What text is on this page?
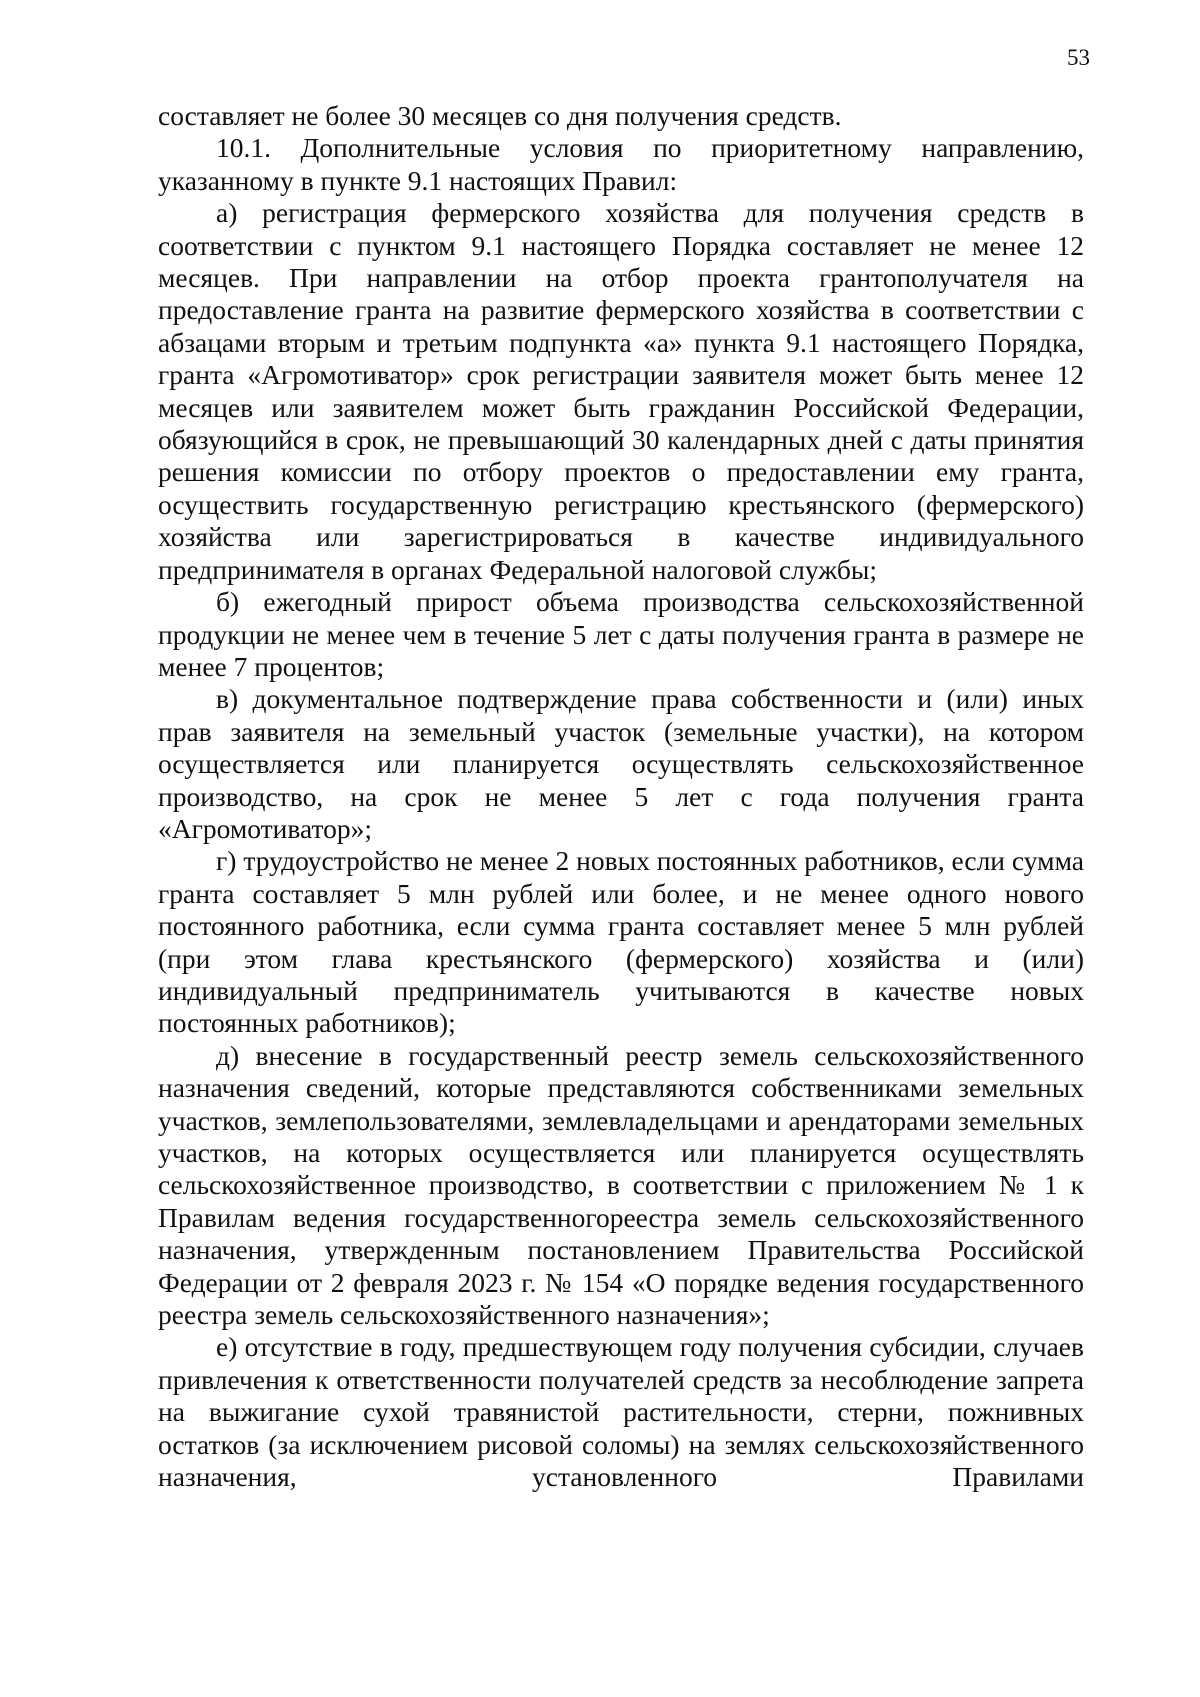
53

составляет не более 30 месяцев со дня получения средств.

10.1. Дополнительные условия по приоритетному направлению, указанному в пункте 9.1 настоящих Правил:

а) регистрация фермерского хозяйства для получения средств в соответствии с пунктом 9.1 настоящего Порядка составляет не менее 12 месяцев. При направлении на отбор проекта грантополучателя на предоставление гранта на развитие фермерского хозяйства в соответствии с абзацами вторым и третьим подпункта «а» пункта 9.1 настоящего Порядка, гранта «Агромотиватор» срок регистрации заявителя может быть менее 12 месяцев или заявителем может быть гражданин Российской Федерации, обязующийся в срок, не превышающий 30 календарных дней с даты принятия решения комиссии по отбору проектов о предоставлении ему гранта, осуществить государственную регистрацию крестьянского (фермерского) хозяйства или зарегистрироваться в качестве индивидуального предпринимателя в органах Федеральной налоговой службы;

б) ежегодный прирост объема производства сельскохозяйственной продукции не менее чем в течение 5 лет с даты получения гранта в размере не менее 7 процентов;

в) документальное подтверждение права собственности и (или) иных прав заявителя на земельный участок (земельные участки), на котором осуществляется или планируется осуществлять сельскохозяйственное производство, на срок не менее 5 лет с года получения гранта «Агромотиватор»;

г) трудоустройство не менее 2 новых постоянных работников, если сумма гранта составляет 5 млн рублей или более, и не менее одного нового постоянного работника, если сумма гранта составляет менее 5 млн рублей (при этом глава крестьянского (фермерского) хозяйства и (или) индивидуальный предприниматель учитываются в качестве новых постоянных работников);

д) внесение в государственный реестр земель сельскохозяйственного назначения сведений, которые представляются собственниками земельных участков, землепользователями, землевладельцами и арендаторами земельных участков, на которых осуществляется или планируется осуществлять сельскохозяйственное производство, в соответствии с приложением № 1 к Правилам ведения государственногореестра земель сельскохозяйственного назначения, утвержденным постановлением Правительства Российской Федерации от 2 февраля 2023 г. № 154 «О порядке ведения государственного реестра земель сельскохозяйственного назначения»;

е) отсутствие в году, предшествующем году получения субсидии, случаев привлечения к ответственности получателей средств за несоблюдение запрета на выжигание сухой травянистой растительности, стерни, пожнивных остатков (за исключением рисовой соломы) на землях сельскохозяйственного назначения, установленного Правилами
